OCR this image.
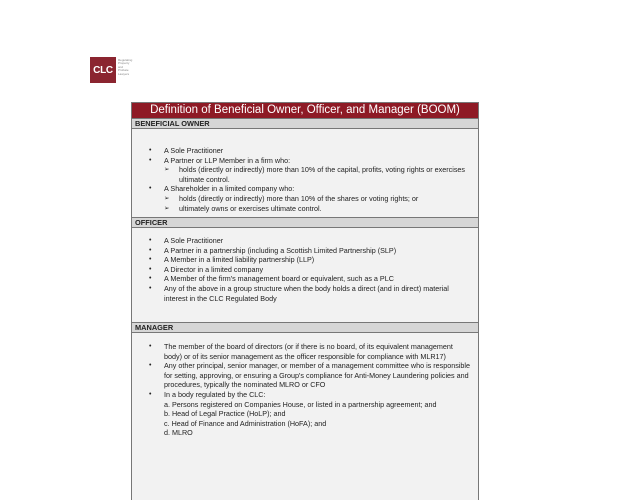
CLC
Regulating
Property
and
Probate
Lawyers
Definition of Beneficial Owner, Officer, and Manager (BOOM)
BENEFICIAL OWNER
• A Sole Practitioner
• A Partner or LLP Member in a firm who:
➢ holds (directly or indirectly) more than 10% of the capital, profits, voting rights or exercises ultimate control.
• A Shareholder in a limited company who:
➢ holds (directly or indirectly) more than 10% of the shares or voting rights; or
➢ ultimately owns or exercises ultimate control.
OFFICER
• A Sole Practitioner
• A Partner in a partnership (including a Scottish Limited Partnership (SLP)
• A Member in a limited liability partnership (LLP)
• A Director in a limited company
• A Member of the firm's management board or equivalent, such as a PLC
• Any of the above in a group structure when the body holds a direct (and in direct) material interest in the CLC Regulated Body
MANAGER
• The member of the board of directors (or if there is no board, of its equivalent management body) or of its senior management as the officer responsible for compliance with MLR17)
• Any other principal, senior manager, or member of a management committee who is responsible for setting, approving, or ensuring a Group's compliance for Anti-Money Laundering policies and procedures, typically the nominated MLRO or CFO
• In a body regulated by the CLC:
a. Persons registered on Companies House, or listed in a partnership agreement; and
b. Head of Legal Practice (HoLP); and
c. Head of Finance and Administration (HoFA); and
d. MLRO
